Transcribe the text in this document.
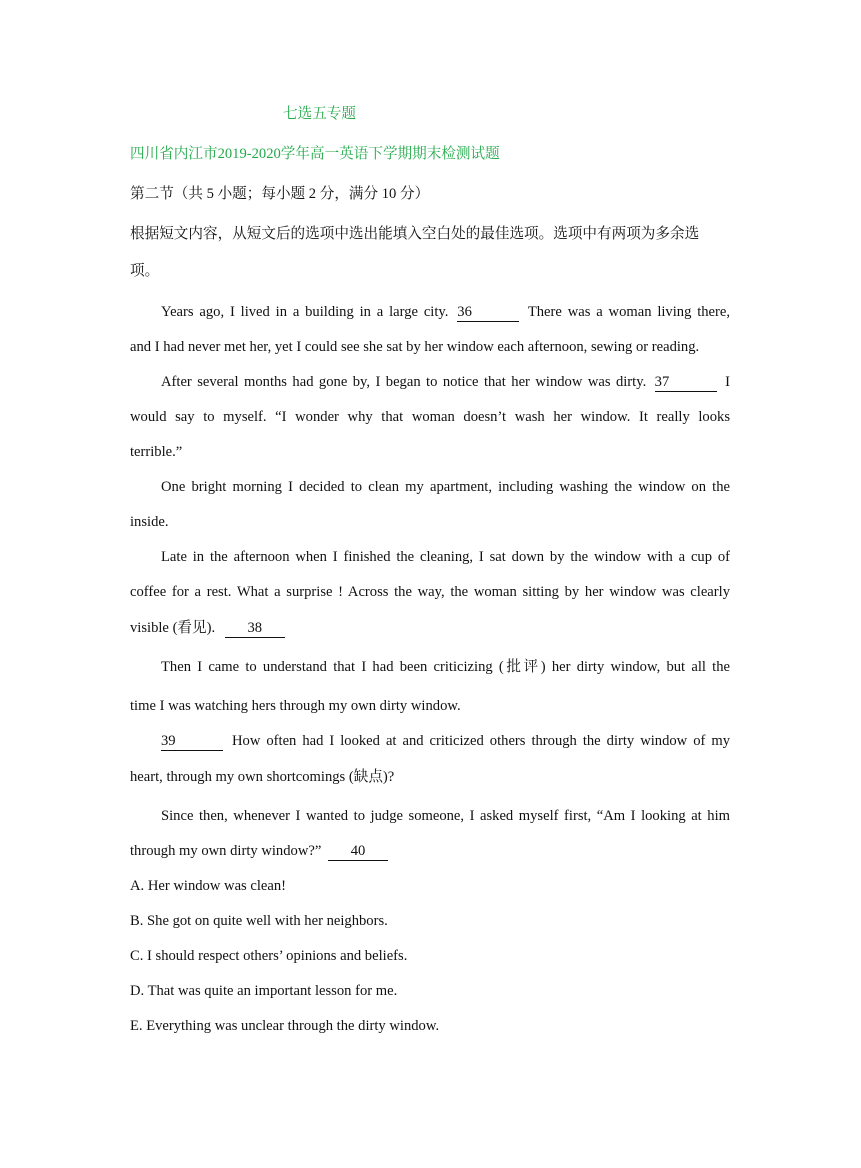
七选五专题
四川省内江市2019-2020学年高一英语下学期期末检测试题
第二节（共 5 小题；每小题 2 分，满分 10 分）
根据短文内容，从短文后的选项中选出能填入空白处的最佳选项。选项中有两项为多余选
项。
Years ago, I lived in a building in a large city. 36	There was a woman living there,
and I had never met her, yet I could see she sat by her window each afternoon, sewing or reading.
After several months had gone by, I began to notice that her window was dirty. 37	I
would say to myself. “I wonder why that woman doesn’t wash her window. It really looks
terrible.”
One bright morning I decided to clean my apartment, including washing the window on the
inside.
Late in the afternoon when I finished the cleaning, I sat down by the window with a cup of
coffee for a rest. What a surprise ! Across the way, the woman sitting by her window was clearly
visible (看见). 38
Then I came to understand that I had been criticizing (批评) her dirty window, but all the
time I was watching hers through my own dirty window.
39	How often had I looked at and criticized others through the dirty window of my
heart, through my own shortcomings (缺点)?
Since then, whenever I wanted to judge someone, I asked myself first, “Am I looking at him
through my own dirty window?” 40
A. Her window was clean!
B. She got on quite well with her neighbors.
C. I should respect others’ opinions and beliefs.
D. That was quite an important lesson for me.
E. Everything was unclear through the dirty window.
